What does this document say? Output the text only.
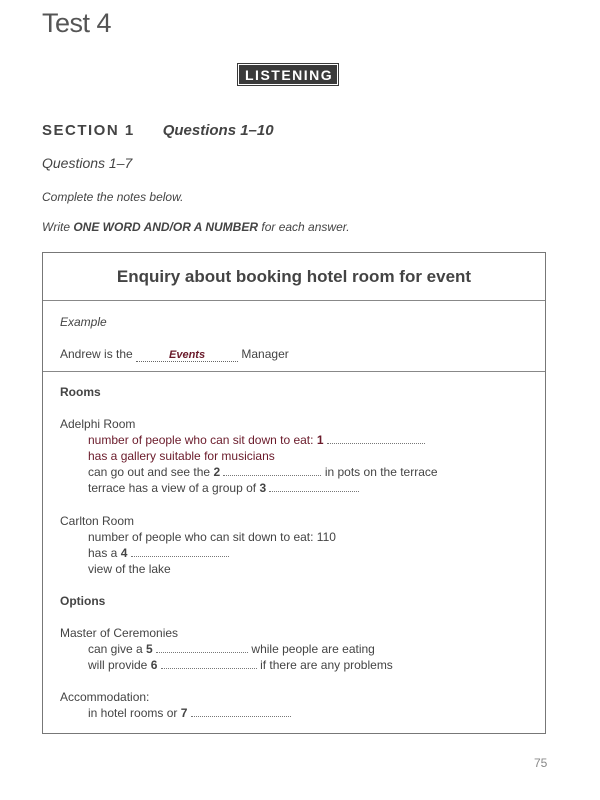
Test 4
LISTENING
SECTION 1 Questions 1–10
Questions 1–7
Complete the notes below.
Write ONE WORD AND/OR A NUMBER for each answer.
Enquiry about booking hotel room for event
Example
Andrew is the	Events	Manager
Rooms
Adelphi Room
number of people who can sit down to eat: 1
has a gallery suitable for musicians
can go out and see the 2	in pots on the terrace
terrace has a view of a group of 3
Carlton Room
number of people who can sit down to eat: 110
has a 4
view of the lake
Options
Master of Ceremonies
can give a 5	while people are eating
will provide 6	if there are any problems
Accommodation:
in hotel rooms or 7
75
